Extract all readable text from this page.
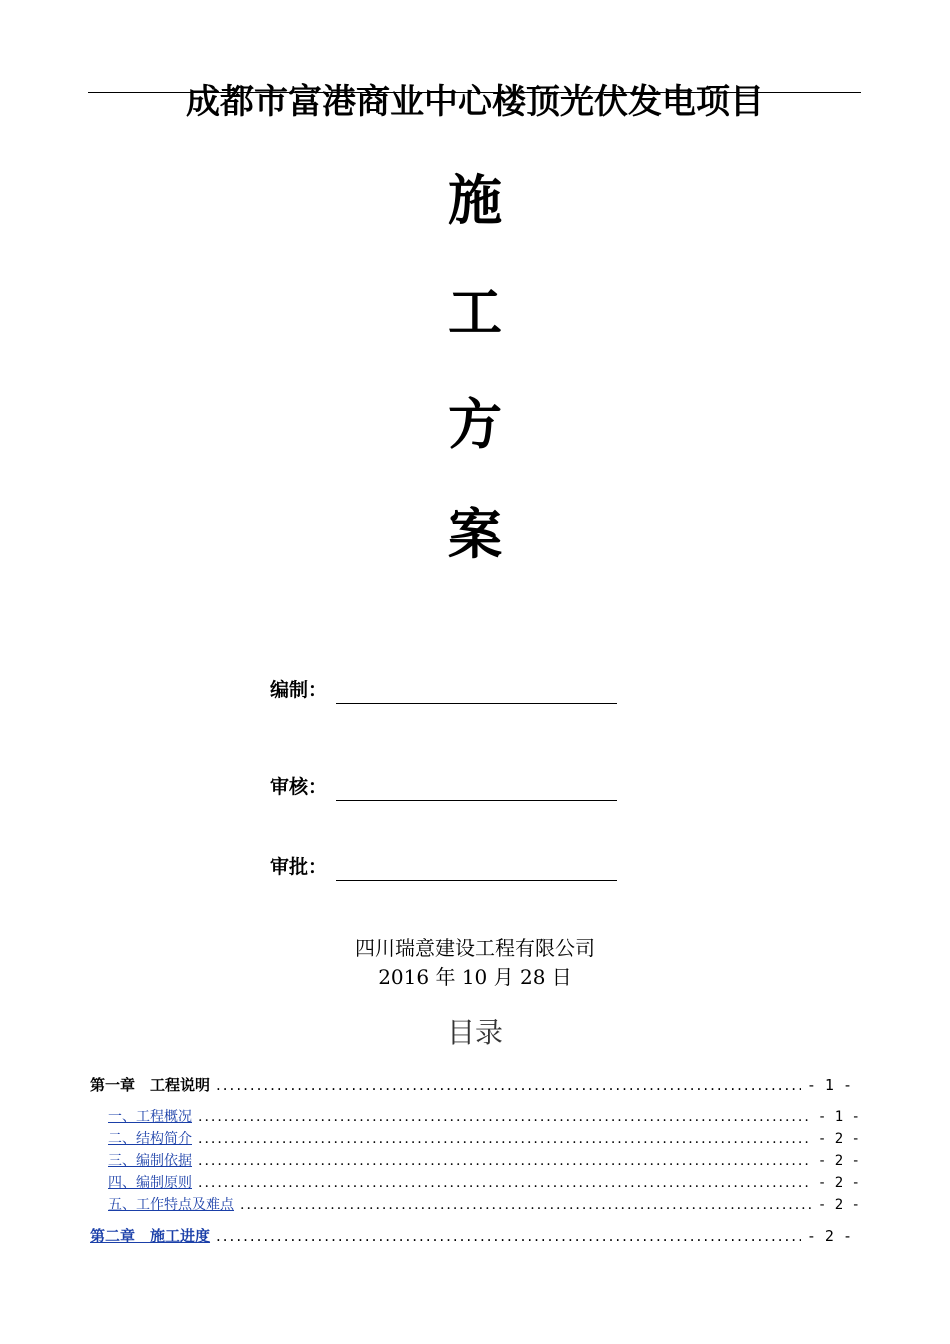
成都市富港商业中心楼顶光伏发电项目
施
工
方
案
编制：
审核：
审批：
四川瑞意建设工程有限公司
2016 年 10 月 28 日
目录
第一章　工程说明 .....	- 1 -
一、工程概况 .....	- 1 -
二、结构简介 .....	- 2 -
三、编制依据 .....	- 2 -
四、编制原则 .....	- 2 -
五、工作特点及难点 .....	- 2 -
第二章　施工进度 .....	- 2 -
